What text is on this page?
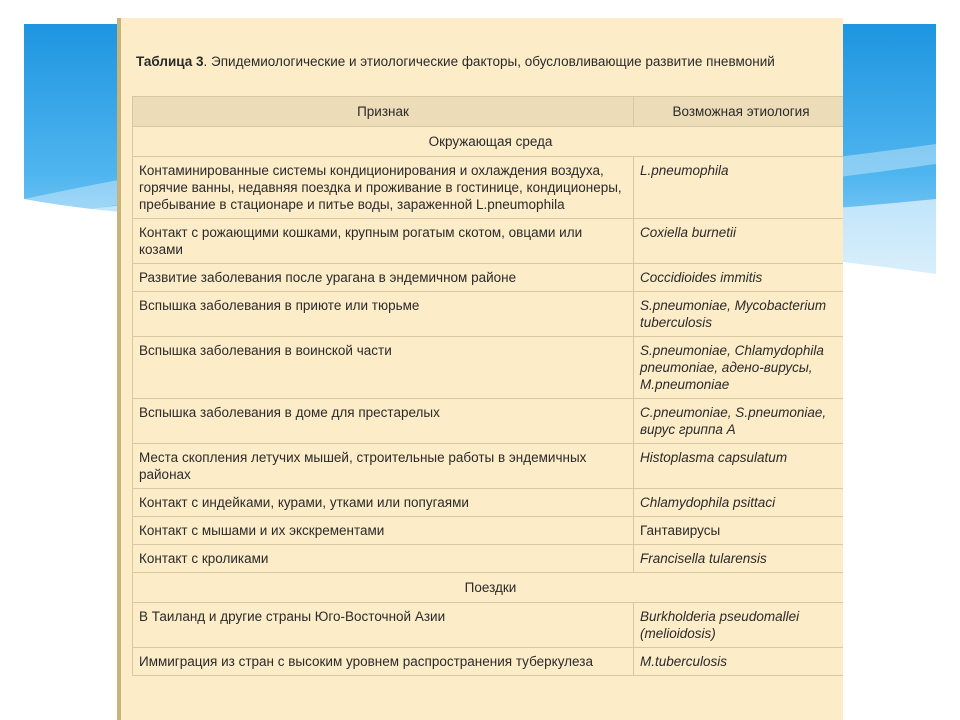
Таблица 3. Эпидемиологические и этиологические факторы, обусловливающие развитие пневмоний
Признак	Возможная этиология
Окружающая среда	
Контаминированные системы кондиционирования и охлаждения воздуха, горячие ванны, недавняя поездка и проживание в гостинице, кондиционеры, пребывание в стационаре и питье воды, зараженной L.pneumophila	L.pneumophila
Контакт с рожающими кошками, крупным рогатым скотом, овцами или козами	Coxiella burnetii
Развитие заболевания после урагана в эндемичном районе	Coccidioides immitis
Вспышка заболевания в приюте или тюрьме	S.pneumoniae, Mycobacterium tuberculosis
Вспышка заболевания в воинской части	S.pneumoniae, Chlamydophila pneumoniae, адено-вирусы, M.pneumoniae
Вспышка заболевания в доме для престарелых	C.pneumoniae, S.pneumoniae, вирус гриппа A
Места скопления летучих мышей, строительные работы в эндемичных районах	Histoplasma capsulatum
Контакт с индейками, курами, утками или попугаями	Chlamydophila psittaci
Контакт с мышами и их экскрементами	Гантавирусы
Контакт с кроликами	Francisella tularensis
Поездки	
В Таиланд и другие страны Юго-Восточной Азии	Burkholderia pseudomallei (melioidosis)
Иммиграция из стран с высоким уровнем распространения туберкулеза	M.tuberculosis
